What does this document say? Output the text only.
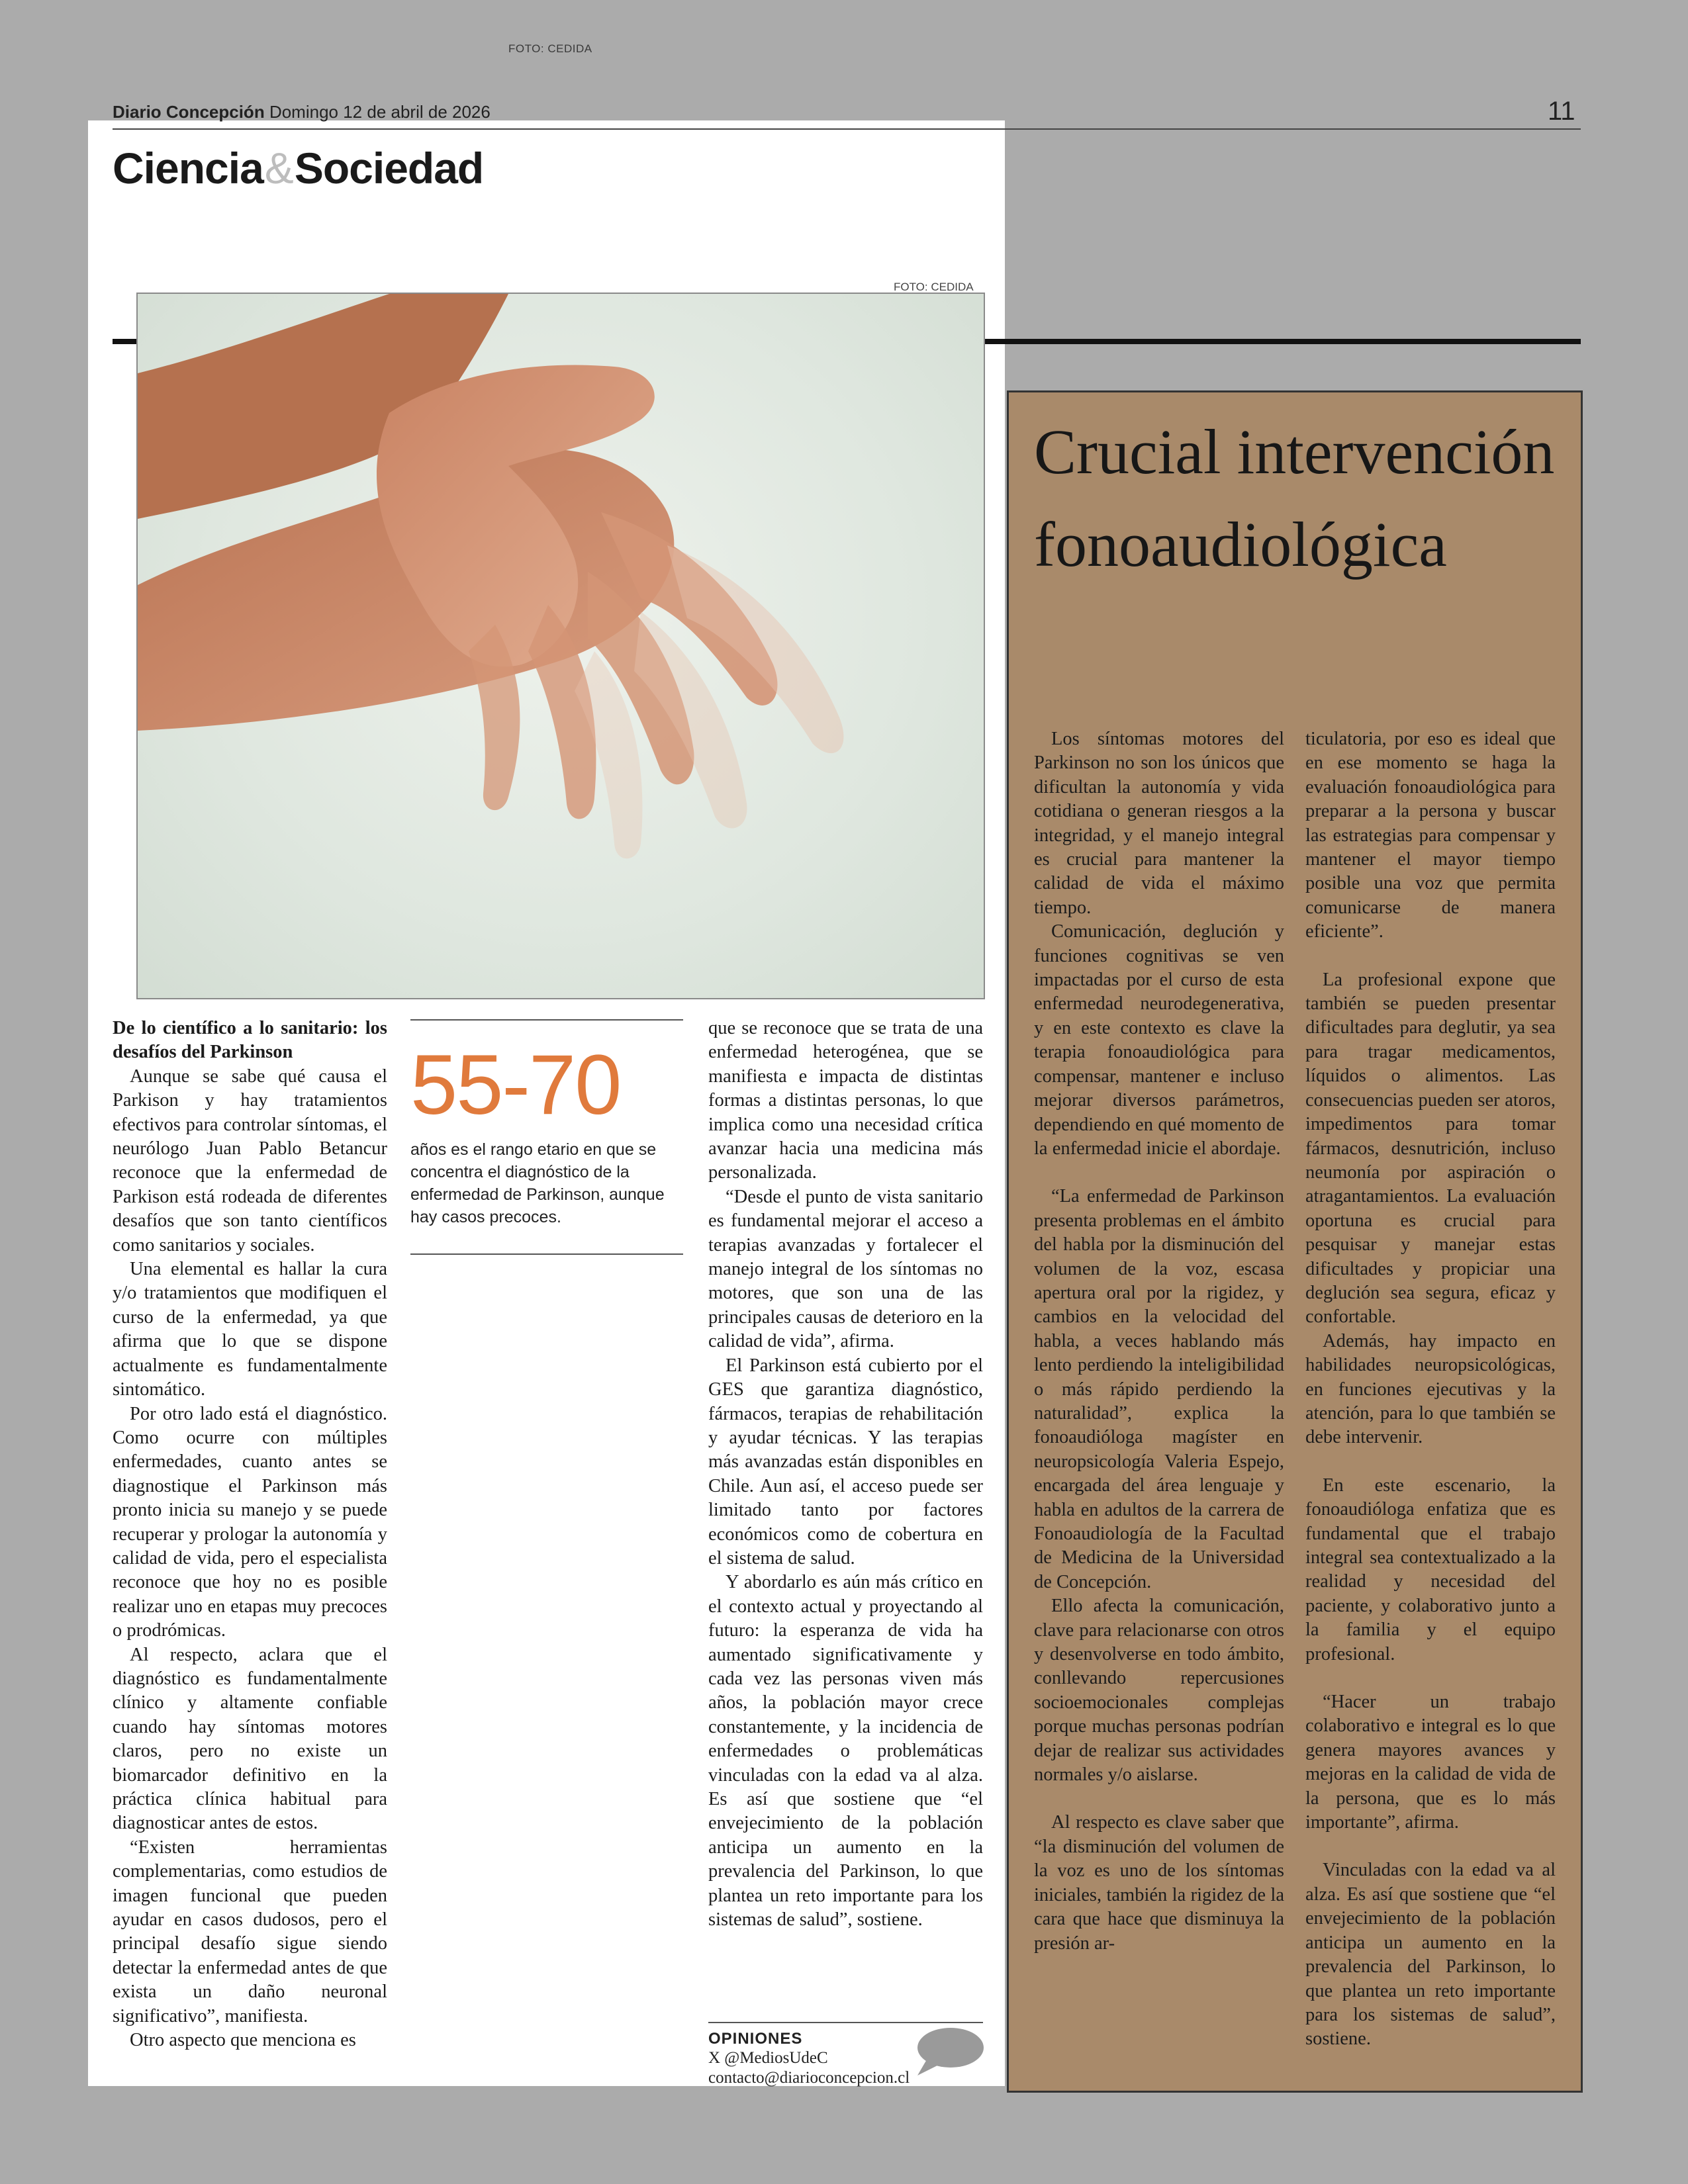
FOTO: CEDIDA
Diario Concepción Domingo 12 de abril de 2026	11
Ciencia&Sociedad
FOTO: CEDIDA

De lo científico a lo sanitario: los desafíos del Parkinson

Aunque se sabe qué causa el Parkison y hay tratamientos efectivos para controlar síntomas, el neurólogo Juan Pablo Betancur reconoce que la enfermedad de Parkison está rodeada de diferentes desafíos que son tanto científicos como sanitarios y sociales.

Una elemental es hallar la cura y/o tratamientos que modifiquen el curso de la enfermedad, ya que afirma que lo que se dispone actualmente es fundamentalmente sintomático.

Por otro lado está el diagnóstico. Como ocurre con múltiples enfermedades, cuanto antes se diagnostique el Parkinson más pronto inicia su manejo y se puede recuperar y prologar la autonomía y calidad de vida, pero el especialista reconoce que hoy no es posible realizar uno en etapas muy precoces o prodrómicas.

Al respecto, aclara que el diagnóstico es fundamentalmente clínico y altamente confiable cuando hay síntomas motores claros, pero no existe un biomarcador definitivo en la práctica clínica habitual para diagnosticar antes de estos.

“Existen herramientas complementarias, como estudios de imagen funcional que pueden ayudar en casos dudosos, pero el principal desafío sigue siendo detectar la enfermedad antes de que exista un daño neuronal significativo”, manifiesta.

Otro aspecto que menciona es

55-70
años es el rango etario en que se concentra el diagnóstico de la enfermedad de Parkinson, aunque hay casos precoces.

que se reconoce que se trata de una enfermedad heterogénea, que se manifiesta e impacta de distintas formas a distintas personas, lo que implica como una necesidad crítica avanzar hacia una medicina más personalizada.

“Desde el punto de vista sanitario es fundamental mejorar el acceso a terapias avanzadas y fortalecer el manejo integral de los síntomas no motores, que son una de las principales causas de deterioro en la calidad de vida”, afirma.

El Parkinson está cubierto por el GES que garantiza diagnóstico, fármacos, terapias de rehabilitación y ayudar técnicas. Y las terapias más avanzadas están disponibles en Chile. Aun así, el acceso puede ser limitado tanto por factores económicos como de cobertura en el sistema de salud.

Y abordarlo es aún más crítico en el contexto actual y proyectando al futuro: la esperanza de vida ha aumentado significativamente y cada vez las personas viven más años, la población mayor crece constantemente, y la incidencia de enfermedades o problemáticas vinculadas con la edad va al alza. Es así que sostiene que “el envejecimiento de la población anticipa un aumento en la prevalencia del Parkinson, lo que plantea un reto importante para los sistemas de salud”, sostiene.

OPINIONES
X @MediosUdeC
contacto@diarioconcepcion.cl
Crucial intervención fonoaudiológica

Los síntomas motores del Parkinson no son los únicos que dificultan la autonomía y vida cotidiana o generan riesgos a la integridad, y el manejo integral es crucial para mantener la calidad de vida el máximo tiempo.

Comunicación, deglución y funciones cognitivas se ven impactadas por el curso de esta enfermedad neurodegenerativa, y en este contexto es clave la terapia fonoaudiológica para compensar, mantener e incluso mejorar diversos parámetros, dependiendo en qué momento de la enfermedad inicie el abordaje.

“La enfermedad de Parkinson presenta problemas en el ámbito del habla por la disminución del volumen de la voz, escasa apertura oral por la rigidez, y cambios en la velocidad del habla, a veces hablando más lento perdiendo la inteligibilidad o más rápido perdiendo la naturalidad”, explica la fonoaudióloga magíster en neuropsicología Valeria Espejo, encargada del área lenguaje y habla en adultos de la carrera de Fonoaudiología de la Facultad de Medicina de la Universidad de Concepción.

Ello afecta la comunicación, clave para relacionarse con otros y desenvolverse en todo ámbito, conllevando repercusiones socioemocionales complejas porque muchas personas podrían dejar de realizar sus actividades normales y/o aislarse.

Al respecto es clave saber que “la disminución del volumen de la voz es uno de los síntomas iniciales, también la rigidez de la cara que hace que disminuya la presión ar-

ticulatoria, por eso es ideal que en ese momento se haga la evaluación fonoaudiológica para preparar a la persona y buscar las estrategias para compensar y mantener el mayor tiempo posible una voz que permita comunicarse de manera eficiente”.

La profesional expone que también se pueden presentar dificultades para deglutir, ya sea para tragar medicamentos, líquidos o alimentos. Las consecuencias pueden ser atoros, impedimentos para tomar fármacos, desnutrición, incluso neumonía por aspiración o atragantamientos. La evaluación oportuna es crucial para pesquisar y manejar estas dificultades y propiciar una deglución sea segura, eficaz y confortable.

Además, hay impacto en habilidades neuropsicológicas, en funciones ejecutivas y la atención, para lo que también se debe intervenir.

En este escenario, la fonoaudióloga enfatiza que es fundamental que el trabajo integral sea contextualizado a la realidad y necesidad del paciente, y colaborativo junto a la familia y el equipo profesional.

“Hacer un trabajo colaborativo e integral es lo que genera mayores avances y mejoras en la calidad de vida de la persona, que es lo más importante”, afirma.

Vinculadas con la edad va al alza. Es así que sostiene que “el envejecimiento de la población anticipa un aumento en la prevalencia del Parkinson, lo que plantea un reto importante para los sistemas de salud”, sostiene.
